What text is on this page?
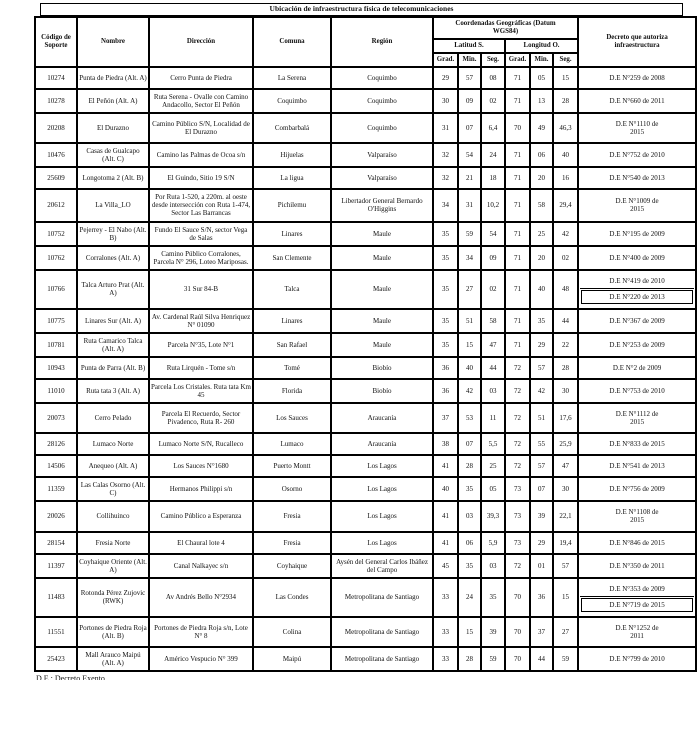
Ubicación de infraestructura física de telecomunicaciones
Código de Soporte	Nombre	Dirección	Comuna	Región	Coordenadas Geográficas (Datum WGS84)						Decreto que autoriza infraestructura
					Latitud S.			Longitud O.			
					Grad.	Min.	Seg.	Grad.	Min.	Seg.	
10274	Punta de Piedra (Alt. A)	Cerro Punta de Piedra	La Serena	Coquimbo	29	57	08	71	05	15	D.E N°259 de 2008

10278	El Peñón (Alt. A)	Ruta Serena - Ovalle con Camino Andacollo, Sector El Peñón	Coquimbo	Coquimbo	30	09	02	71	13	28	D.E N°660 de 2011

20208	El Durazno	Camino Público S/N, Localidad de El Durazno	Combarbalá	Coquimbo	31	07	6,4	70	49	46,3	D.E N°1110 de 2015

10476	Casas de Gualcapo (Alt. C)	Camino las Palmas de Ocoa s/n	Hijuelas	Valparaíso	32	54	24	71	06	40	D.E N°752 de 2010

25609	Longotoma 2 (Alt. B)	El Guindo, Sitio 19 S/N	La ligua	Valparaíso	32	21	18	71	20	16	D.E N°540 de 2013

20612	La Villa_LO	Por Ruta 1-520, a 220m. al oeste desde intersección con Ruta 1-474, Sector Las Barrancas	Pichilemu	Libertador General Bernardo O'Higgins	34	31	10,2	71	58	29,4	D.E N°1009 de 2015

10752	Pejerrey - El Nabo (Alt. B)	Fundo El Sauce S/N, sector Vega de Salas	Linares	Maule	35	59	54	71	25	42	D.E N°195 de 2009

10762	Corralones (Alt. A)	Camino Público Corralones, Parcela N° 296, Loteo Mariposas.	San Clemente	Maule	35	34	09	71	20	02	D.E N°400 de 2009

10766	Talca Arturo Prat (Alt. A)	31 Sur 84-B	Talca	Maule	35	27	02	71	40	48	D.E N°419 de 2010
D.E N°220 de 2013

10775	Linares Sur (Alt. A)	Av. Cardenal Raúl Silva Henriquez N° 01090	Linares	Maule	35	51	58	71	35	44	D.E N°367 de 2009

10781	Ruta Camarico Talca (Alt. A)	Parcela N°35, Lote N°1	San Rafael	Maule	35	15	47	71	29	22	D.E N°253 de 2009

10943	Punta de Parra (Alt. B)	Ruta Lirquén - Tome s/n	Tomé	Biobío	36	40	44	72	57	28	D.E N°2 de 2009

11010	Ruta tata 3 (Alt. A)	Parcela Los Cristales. Ruta tata Km 45	Florida	Biobío	36	42	03	72	42	30	D.E N°753 de 2010

20073	Cerro Pelado	Parcela El Recuerdo, Sector Pivadenco, Ruta R- 260	Los Sauces	Araucanía	37	53	11	72	51	17,6	D.E N°1112 de 2015

28126	Lumaco Norte	Lumaco Norte S/N, Rucalleco	Lumaco	Araucanía	38	07	5,5	72	55	25,9	D.E N°833 de 2015

14506	Anequeo (Alt. A)	Los Sauces N°1680	Puerto Montt	Los Lagos	41	28	25	72	57	47	D.E N°541 de 2013

11359	Las Calas Osorno (Alt. C)	Hermanos Philippi s/n	Osorno	Los Lagos	40	35	05	73	07	30	D.E N°756 de 2009

20026	Collihuinco	Camino Público a Esperanza	Fresia	Los Lagos	41	03	39,3	73	39	22,1	D.E N°1108 de 2015

28154	Fresia Norte	El Chaural lote 4	Fresia	Los Lagos	41	06	5,9	73	29	19,4	D.E N°846 de 2015

11397	Coyhaique Oriente (Alt. A)	Canal Nalkayec s/n	Coyhaique	Aysén del General Carlos Ibáñez del Campo	45	35	03	72	01	57	D.E N°350 de 2011

11483	Rotonda Pérez Zujovic (RWK)	Av Andrés Bello N°2934	Las Condes	Metropolitana de Santiago	33	24	35	70	36	15	D.E N°353 de 2009
D.E N°719 de 2015

11551	Portones de Piedra Roja (Alt. B)	Portones de Piedra Roja s/n, Lote N° 8	Colina	Metropolitana de Santiago	33	15	39	70	37	27	D.E N°1252 de 2011

25423	Mall Arauco Maipú (Alt. A)	Américo Vespucio N° 399	Maipú	Metropolitana de Santiago	33	28	59	70	44	59	D.E N°799 de 2010
D.E.: Decreto Exento
